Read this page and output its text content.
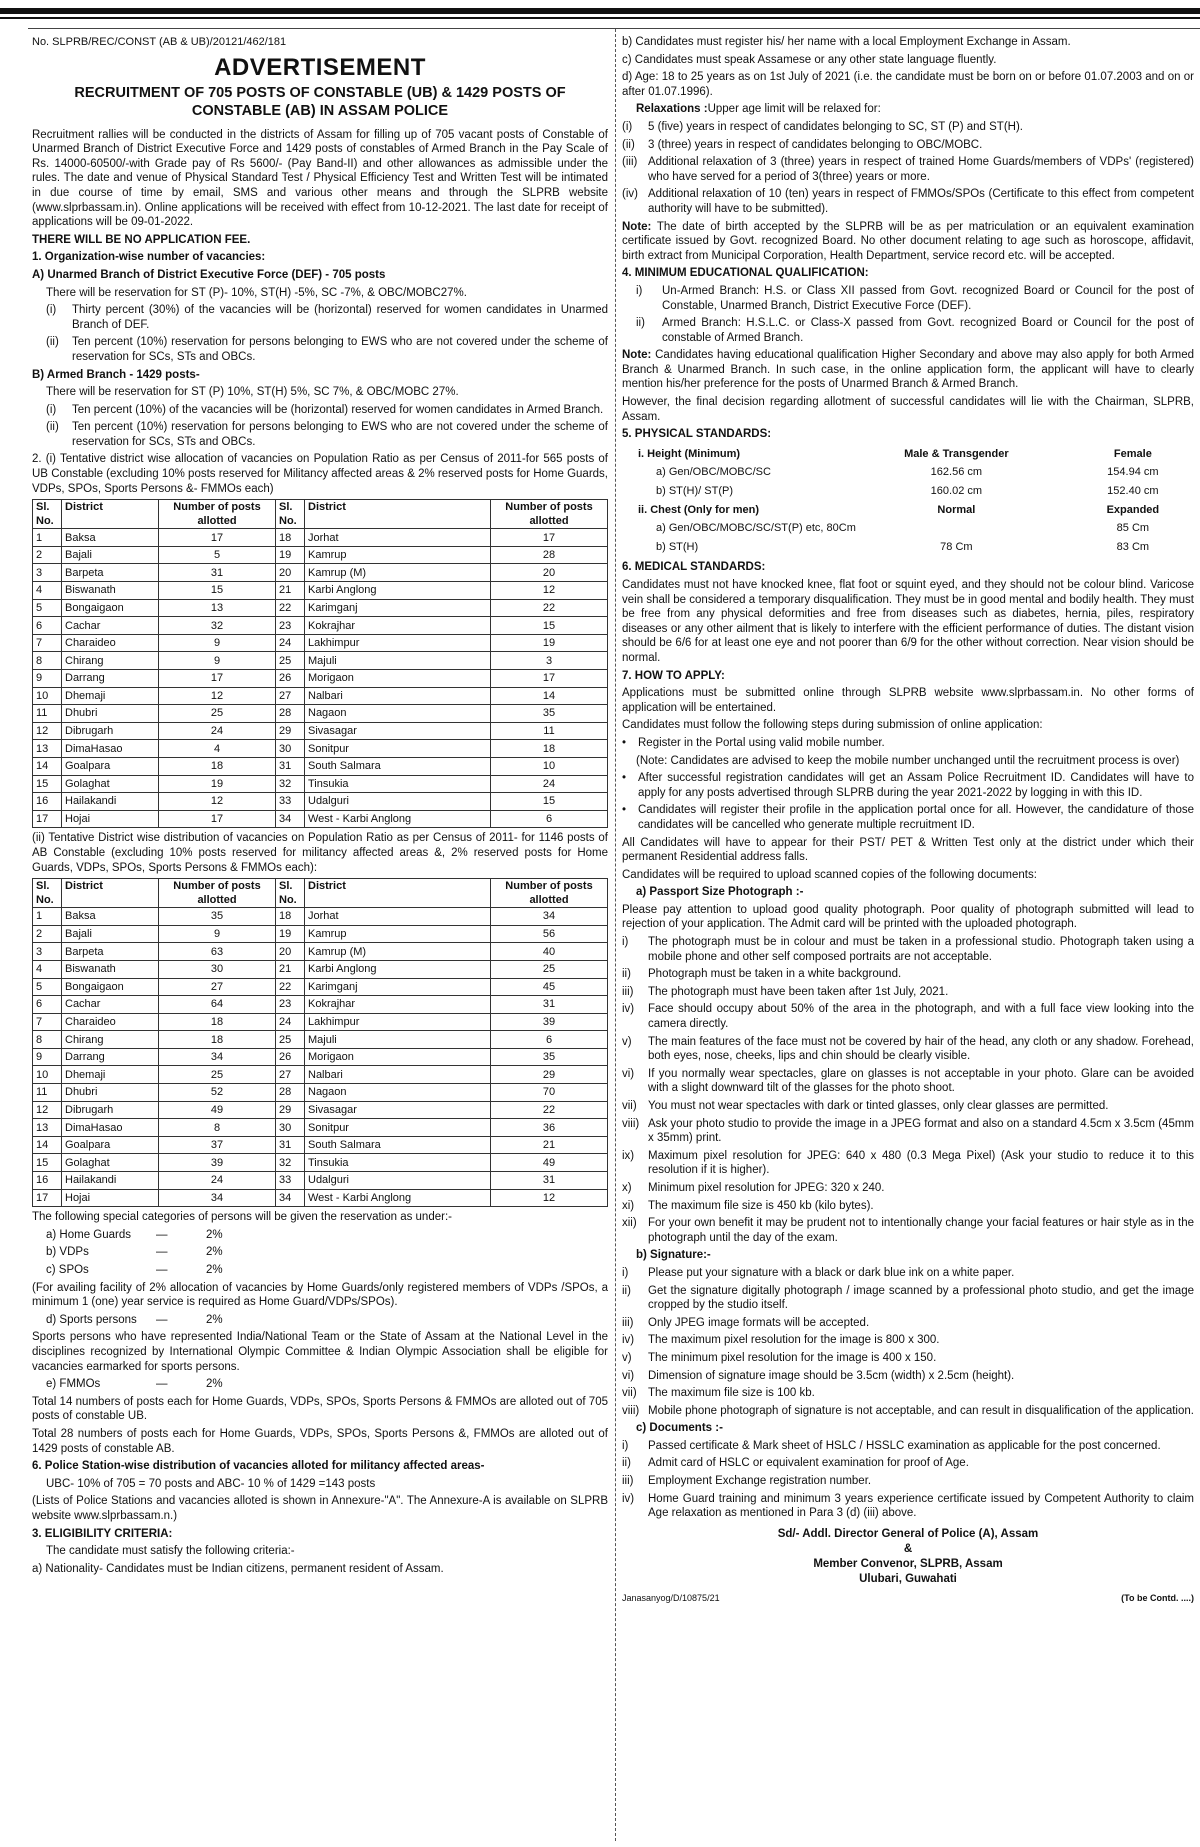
No. SLPRB/REC/CONST (AB & UB)/20121/462/181
ADVERTISEMENT
RECRUITMENT OF 705 POSTS OF CONSTABLE (UB) & 1429 POSTS OF CONSTABLE (AB) IN ASSAM POLICE

Recruitment rallies will be conducted in the districts of Assam for filling up of 705 vacant posts of Constable of Unarmed Branch of District Executive Force and 1429 posts of constables of Armed Branch in the Pay Scale of Rs. 14000-60500/-with Grade pay of Rs 5600/- (Pay Band-II) and other allowances as admissible under the rules. The date and venue of Physical Standard Test / Physical Efficiency Test and Written Test will be intimated in due course of time by email, SMS and various other means and through the SLPRB website (www.slprbassam.in). Online applications will be received with effect from 10-12-2021. The last date for receipt of applications will be 09-01-2022.

THERE WILL BE NO APPLICATION FEE.
1. Organization-wise number of vacancies:
A) Unarmed Branch of District Executive Force (DEF) - 705 posts

There will be reservation for ST (P)- 10%, ST(H) -5%, SC -7%, & OBC/MOBC27%.

(i)	Thirty percent (30%) of the vacancies will be (horizontal) reserved for women candidates in Unarmed Branch of DEF.
(ii)	Ten percent (10%) reservation for persons belonging to EWS who are not covered under the scheme of reservation for SCs, STs and OBCs.
B) Armed Branch - 1429 posts-

There will be reservation for ST (P) 10%, ST(H) 5%, SC 7%, & OBC/MOBC 27%.

(i)	Ten percent (10%) of the vacancies will be (horizontal) reserved for women candidates in Armed Branch.
(ii)	Ten percent (10%) reservation for persons belonging to EWS who are not covered under the scheme of reservation for SCs, STs and OBCs.

2. (i) Tentative district wise allocation of vacancies on Population Ratio as per Census of 2011-for 565 posts of UB Constable (excluding 10% posts reserved for Militancy affected areas & 2% reserved posts for Home Guards, VDPs, SPOs, Sports Persons &- FMMOs each)

Sl. No.	District	Number of posts allotted	Sl. No.	District	Number of posts allotted
1	Baksa	17	18	Jorhat	17
2	Bajali	5	19	Kamrup	28
3	Barpeta	31	20	Kamrup (M)	20
4	Biswanath	15	21	Karbi Anglong	12
5	Bongaigaon	13	22	Karimganj	22
6	Cachar	32	23	Kokrajhar	15
7	Charaideo	9	24	Lakhimpur	19
8	Chirang	9	25	Majuli	3
9	Darrang	17	26	Morigaon	17
10	Dhemaji	12	27	Nalbari	14
11	Dhubri	25	28	Nagaon	35
12	Dibrugarh	24	29	Sivasagar	11
13	DimaHasao	4	30	Sonitpur	18
14	Goalpara	18	31	South Salmara	10
15	Golaghat	19	32	Tinsukia	24
16	Hailakandi	12	33	Udalguri	15
17	Hojai	17	34	West - Karbi Anglong	6

(ii) Tentative District wise distribution of vacancies on Population Ratio as per Census of 2011- for 1146 posts of AB Constable (excluding 10% posts reserved for militancy affected areas &, 2% reserved posts for Home Guards, VDPs, SPOs, Sports Persons & FMMOs each):

Sl. No.	District	Number of posts allotted	Sl. No.	District	Number of posts allotted
1	Baksa	35	18	Jorhat	34
2	Bajali	9	19	Kamrup	56
3	Barpeta	63	20	Kamrup (M)	40
4	Biswanath	30	21	Karbi Anglong	25
5	Bongaigaon	27	22	Karimganj	45
6	Cachar	64	23	Kokrajhar	31
7	Charaideo	18	24	Lakhimpur	39
8	Chirang	18	25	Majuli	6
9	Darrang	34	26	Morigaon	35
10	Dhemaji	25	27	Nalbari	29
11	Dhubri	52	28	Nagaon	70
12	Dibrugarh	49	29	Sivasagar	22
13	DimaHasao	8	30	Sonitpur	36
14	Goalpara	37	31	South Salmara	21
15	Golaghat	39	32	Tinsukia	49
16	Hailakandi	24	33	Udalguri	31
17	Hojai	34	34	West - Karbi Anglong	12

The following special categories of persons will be given the reservation as under:-

a) Home Guards	—	2%
b) VDPs	—	2%
c) SPOs	—	2%

(For availing facility of 2% allocation of vacancies by Home Guards/only registered members of VDPs /SPOs, a minimum 1 (one) year service is required as Home Guard/VDPs/SPOs).

d) Sports persons	—	2%

Sports persons who have represented India/National Team or the State of Assam at the National Level in the disciplines recognized by International Olympic Committee & Indian Olympic Association shall be eligible for vacancies earmarked for sports persons.

e) FMMOs	—	2%

Total 14 numbers of posts each for Home Guards, VDPs, SPOs, Sports Persons & FMMOs are alloted out of 705 posts of constable UB.

Total 28 numbers of posts each for Home Guards, VDPs, SPOs, Sports Persons &, FMMOs are alloted out of 1429 posts of constable AB.

6. Police Station-wise distribution of vacancies alloted for militancy affected areas-

UBC- 10% of 705 = 70 posts and ABC- 10 % of 1429 =143 posts

(Lists of Police Stations and vacancies alloted is shown in Annexure-"A". The Annexure-A is available on SLPRB website www.slprbassam.n.)

3. ELIGIBILITY CRITERIA:

The candidate must satisfy the following criteria:-

a) Nationality- Candidates must be Indian citizens, permanent resident of Assam.

b) Candidates must register his/ her name with a local Employment Exchange in Assam.

c) Candidates must speak Assamese or any other state language fluently.

d) Age: 18 to 25 years as on 1st July of 2021 (i.e. the candidate must be born on or before 01.07.2003 and on or after 01.07.1996).

Relaxations :Upper age limit will be relaxed for:

(i)	5 (five) years in respect of candidates belonging to SC, ST (P) and ST(H).
(ii)	3 (three) years in respect of candidates belonging to OBC/MOBC.
(iii) Additional relaxation of 3 (three) years in respect of trained Home Guards/members of VDPs' (registered) who have served for a period of 3(three) years or more.
(iv) Additional relaxation of 10 (ten) years in respect of FMMOs/SPOs (Certificate to this effect from competent authority will have to be submitted).

Note: The date of birth accepted by the SLPRB will be as per matriculation or an equivalent examination certificate issued by Govt. recognized Board. No other document relating to age such as horoscope, affidavit, birth extract from Municipal Corporation, Health Department, service record etc. will be accepted.

4. MINIMUM EDUCATIONAL QUALIFICATION:
i)	Un-Armed Branch: H.S. or Class XII passed from Govt. recognized Board or Council for the post of Constable, Unarmed Branch, District Executive Force (DEF).
ii)	Armed Branch: H.S.L.C. or Class-X passed from Govt. recognized Board or Council for the post of constable of Armed Branch.

Note: Candidates having educational qualification Higher Secondary and above may also apply for both Armed Branch & Unarmed Branch. In such case, in the online application form, the applicant will have to clearly mention his/her preference for the posts of Unarmed Branch & Armed Branch.

However, the final decision regarding allotment of successful candidates will lie with the Chairman, SLPRB, Assam.

5. PHYSICAL STANDARDS:
i. Height (Minimum)	Male & Transgender	Female
a) Gen/OBC/MOBC/SC	162.56 cm	154.94 cm
b) ST(H)/ ST(P)	160.02 cm	152.40 cm
ii. Chest (Only for men)	Normal	Expanded
a) Gen/OBC/MOBC/SC/ST(P) etc, 80Cm		85 Cm
b) ST(H)	78 Cm	83 Cm
6. MEDICAL STANDARDS:

Candidates must not have knocked knee, flat foot or squint eyed, and they should not be colour blind. Varicose vein shall be considered a temporary disqualification. They must be in good mental and bodily health. They must be free from any physical deformities and free from diseases such as diabetes, hernia, piles, respiratory diseases or any other ailment that is likely to interfere with the efficient performance of duties. The distant vision should be 6/6 for at least one eye and not poorer than 6/9 for the other without correction. Near vision should be normal.

7. HOW TO APPLY:

Applications must be submitted online through SLPRB website www.slprbassam.in. No other forms of application will be entertained.

Candidates must follow the following steps during submission of online application:

•	Register in the Portal using valid mobile number.

(Note: Candidates are advised to keep the mobile number unchanged until the recruitment process is over)

•	After successful registration candidates will get an Assam Police Recruitment ID. Candidates will have to apply for any posts advertised through SLPRB during the year 2021-2022 by logging in with this ID.
•	Candidates will register their profile in the application portal once for all. However, the candidature of those candidates will be cancelled who generate multiple recruitment ID.

All Candidates will have to appear for their PST/ PET & Written Test only at the district under which their permanent Residential address falls.

Candidates will be required to upload scanned copies of the following documents:

a) Passport Size Photograph :-

Please pay attention to upload good quality photograph. Poor quality of photograph submitted will lead to rejection of your application. The Admit card will be printed with the uploaded photograph.

i)	The photograph must be in colour and must be taken in a professional studio. Photograph taken using a mobile phone and other self composed portraits are not acceptable.
ii)	Photograph must be taken in a white background.
iii)	The photograph must have been taken after 1st July, 2021.
iv)	Face should occupy about 50% of the area in the photograph, and with a full face view looking into the camera directly.
v)	The main features of the face must not be covered by hair of the head, any cloth or any shadow. Forehead, both eyes, nose, cheeks, lips and chin should be clearly visible.
vi)	If you normally wear spectacles, glare on glasses is not acceptable in your photo. Glare can be avoided with a slight downward tilt of the glasses for the photo shoot.
vii) You must not wear spectacles with dark or tinted glasses, only clear glasses are permitted.
viii) Ask your photo studio to provide the image in a JPEG format and also on a standard 4.5cm x 3.5cm (45mm x 35mm) print.
ix)	Maximum pixel resolution for JPEG: 640 x 480 (0.3 Mega Pixel) (Ask your studio to reduce it to this resolution if it is higher).
x)	Minimum pixel resolution for JPEG: 320 x 240.
xi)	The maximum file size is 450 kb (kilo bytes).
xii) For your own benefit it may be prudent not to intentionally change your facial features or hair style as in the photograph until the day of the exam.
b) Signature:-
i)	Please put your signature with a black or dark blue ink on a white paper.
ii)	Get the signature digitally photograph / image scanned by a professional photo studio, and get the image cropped by the studio itself.
iii)	Only JPEG image formats will be accepted.
iv)	The maximum pixel resolution for the image is 800 x 300.
v)	The minimum pixel resolution for the image is 400 x 150.
vi)	Dimension of signature image should be 3.5cm (width) x 2.5cm (height).
vii) The maximum file size is 100 kb.
viii) Mobile phone photograph of signature is not acceptable, and can result in disqualification of the application.
c) Documents :-
i)	Passed certificate & Mark sheet of HSLC / HSSLC examination as applicable for the post concerned.
ii)	Admit card of HSLC or equivalent examination for proof of Age.
iii)	Employment Exchange registration number.
iv)	Home Guard training and minimum 3 years experience certificate issued by Competent Authority to claim Age relaxation as mentioned in Para 3 (d) (iii) above.
Sd/- Addl. Director General of Police (A), Assam
&
Member Convenor, SLPRB, Assam
Ulubari, Guwahati
Janasanyog/D/10875/21	(To be Contd. ....)
